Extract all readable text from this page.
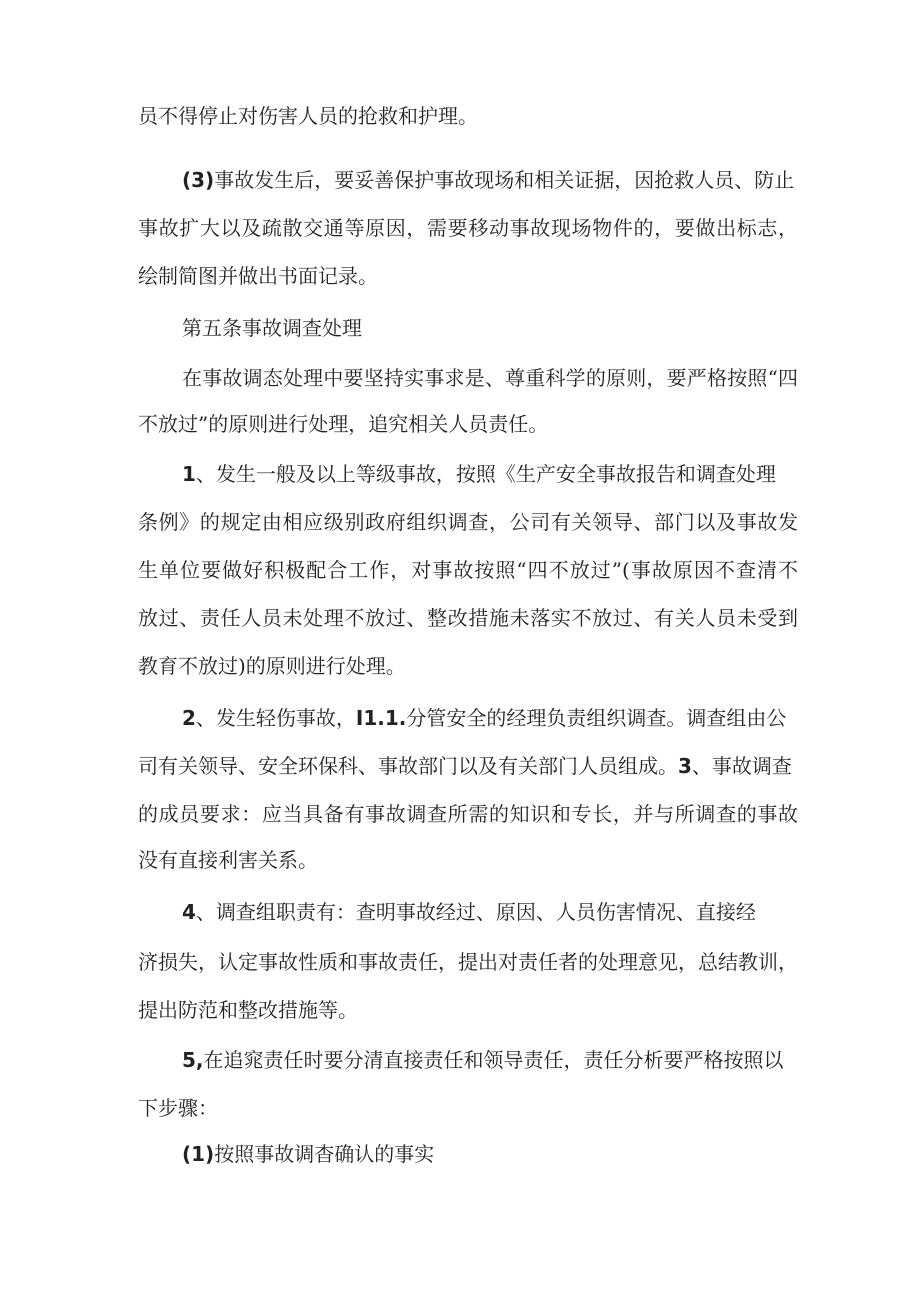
员不得停止对伤害人员的抢救和护理。
(3)事故发生后，要妥善保护事故现场和相关证据，因抢救人员、防止
事故扩大以及疏散交通等原因，需要移动事故现场物件的，要做出标志，
绘制简图并做出书面记录。
第五条事故调查处理
在事故调态处理中要坚持实事求是、尊重科学的原则，要严格按照“四
不放过”的原则进行处理，追究相关人员责任。
1、发生一般及以上等级事故，按照《生产安全事故报告和调查处理
条例》的规定由相应级别政府组织调查，公司有关领导、部门以及事故发
生单位要做好积极配合工作，对事故按照“四不放过”(事故原因不查清不
放过、责任人员未处理不放过、整改措施未落实不放过、有关人员未受到
教育不放过)的原则进行处理。
2、发生轻伤事故，I1.1.分管安全的经理负责组织调查。调查组由公
司有关领导、安全环保科、事故部门以及有关部门人员组成。3、事故调查
的成员要求：应当具备有事故调查所需的知识和专长，并与所调查的事故
没有直接利害关系。
4、调查组职责有：查明事故经过、原因、人员伤害情况、直接经
济损失，认定事故性质和事故责任，提出对责任者的处理意见，总结教训，
提出防范和整改措施等。
5,在追窕责任时要分清直接责任和领导责任，责任分析要严格按照以
下步骤：
(1)按照事故调杳确认的事实
